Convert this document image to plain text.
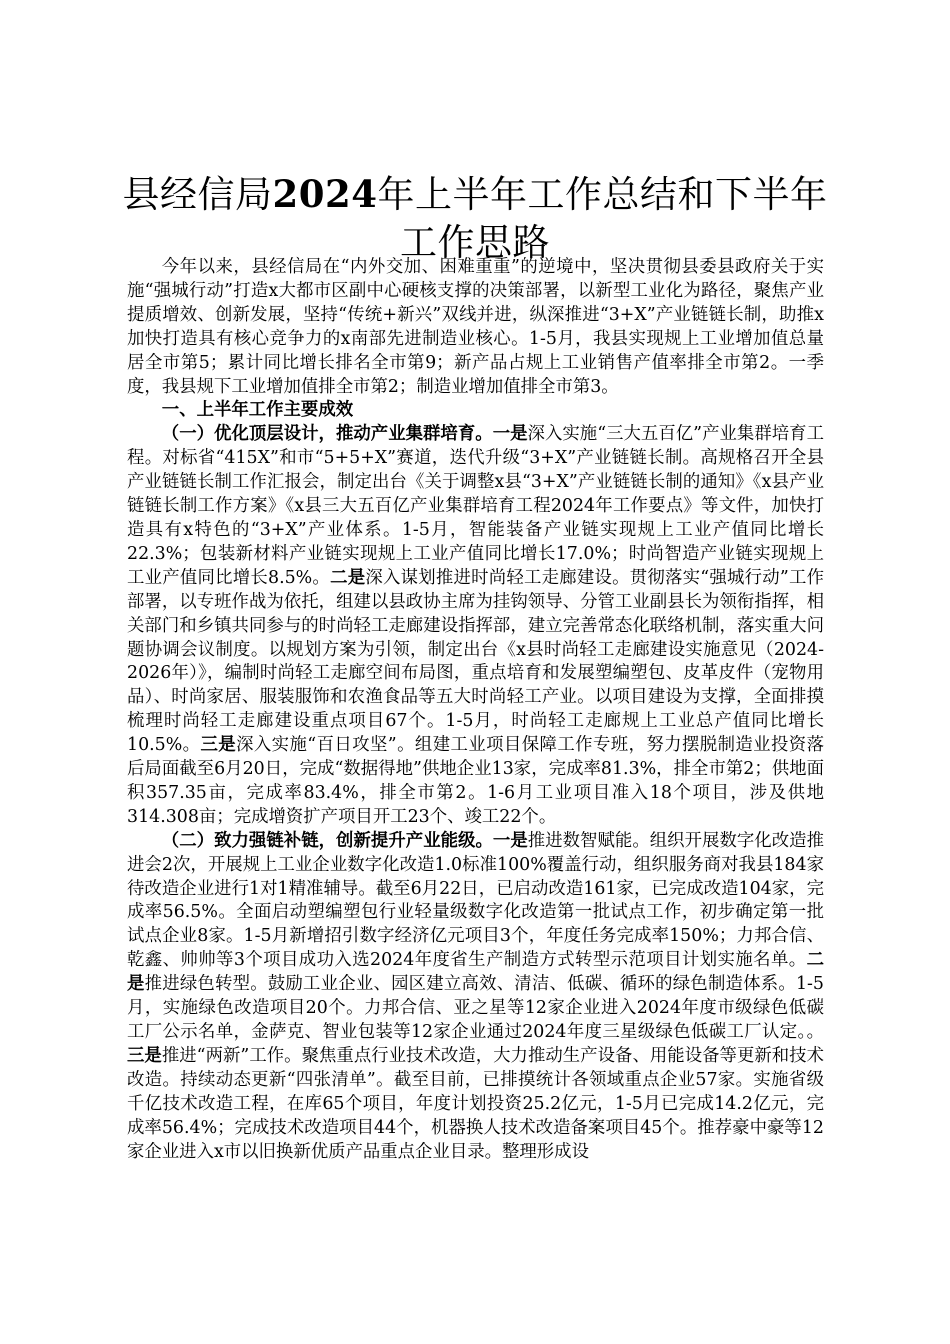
县经信局2024年上半年工作总结和下半年工作思路

今年以来，县经信局在“内外交加、困难重重”的逆境中，坚决贯彻县委县政府关于实施“强城行动”打造x大都市区副中心硬核支撑的决策部署，以新型工业化为路径，聚焦产业提质增效、创新发展，坚持“传统+新兴”双线并进，纵深推进“3+X”产业链链长制，助推x加快打造具有核心竞争力的x南部先进制造业核心。1-5月，我县实现规上工业增加值总量居全市第5；累计同比增长排名全市第9；新产品占规上工业销售产值率排全市第2。一季度，我县规下工业增加值排全市第2；制造业增加值排全市第3。

一、上半年工作主要成效

（一）优化顶层设计，推动产业集群培育。一是深入实施“三大五百亿”产业集群培育工程。对标省“415X”和市“5+5+X”赛道，迭代升级“3+X”产业链链长制。高规格召开全县产业链链长制工作汇报会，制定出台《关于调整x县“3+X”产业链链长制的通知》《x县产业链链长制工作方案》《x县三大五百亿产业集群培育工程2024年工作要点》等文件，加快打造具有x特色的“3+X”产业体系。1-5月，智能装备产业链实现规上工业产值同比增长22.3%；包装新材料产业链实现规上工业产值同比增长17.0%；时尚智造产业链实现规上工业产值同比增长8.5%。二是深入谋划推进时尚轻工走廊建设。贯彻落实“强城行动”工作部署，以专班作战为依托，组建以县政协主席为挂钩领导、分管工业副县长为领衔指挥，相关部门和乡镇共同参与的时尚轻工走廊建设指挥部，建立完善常态化联络机制，落实重大问题协调会议制度。以规划方案为引领，制定出台《x县时尚轻工走廊建设实施意见（2024-2026年）》，编制时尚轻工走廊空间布局图，重点培育和发展塑编塑包、皮革皮件（宠物用品）、时尚家居、服装服饰和农渔食品等五大时尚轻工产业。以项目建设为支撑，全面排摸梳理时尚轻工走廊建设重点项目67个。1-5月，时尚轻工走廊规上工业总产值同比增长10.5%。三是深入实施“百日攻坚”。组建工业项目保障工作专班，努力摆脱制造业投资落后局面截至6月20日，完成“数据得地”供地企业13家，完成率81.3%，排全市第2；供地面积357.35亩，完成率83.4%，排全市第2。1-6月工业项目准入18个项目，涉及供地314.308亩；完成增资扩产项目开工23个、竣工22个。

（二）致力强链补链，创新提升产业能级。一是推进数智赋能。组织开展数字化改造推进会2次，开展规上工业企业数字化改造1.0标准100%覆盖行动，组织服务商对我县184家待改造企业进行1对1精准辅导。截至6月22日，已启动改造161家，已完成改造104家，完成率56.5%。全面启动塑编塑包行业轻量级数字化改造第一批试点工作，初步确定第一批试点企业8家。1-5月新增招引数字经济亿元项目3个，年度任务完成率150%；力邦合信、乾鑫、帅帅等3个项目成功入选2024年度省生产制造方式转型示范项目计划实施名单。二是推进绿色转型。鼓励工业企业、园区建立高效、清洁、低碳、循环的绿色制造体系。1-5月，实施绿色改造项目20个。力邦合信、亚之星等12家企业进入2024年度市级绿色低碳工厂公示名单，金萨克、智业包装等12家企业通过2024年度三星级绿色低碳工厂认定。。三是推进“两新”工作。聚焦重点行业技术改造，大力推动生产设备、用能设备等更新和技术改造。持续动态更新“四张清单”。截至目前，已排摸统计各领域重点企业57家。实施省级千亿技术改造工程，在库65个项目，年度计划投资25.2亿元，1-5月已完成14.2亿元，完成率56.4%；完成技术改造项目44个，机器换人技术改造备案项目45个。推荐豪中豪等12家企业进入x市以旧换新优质产品重点企业目录。整理形成设
